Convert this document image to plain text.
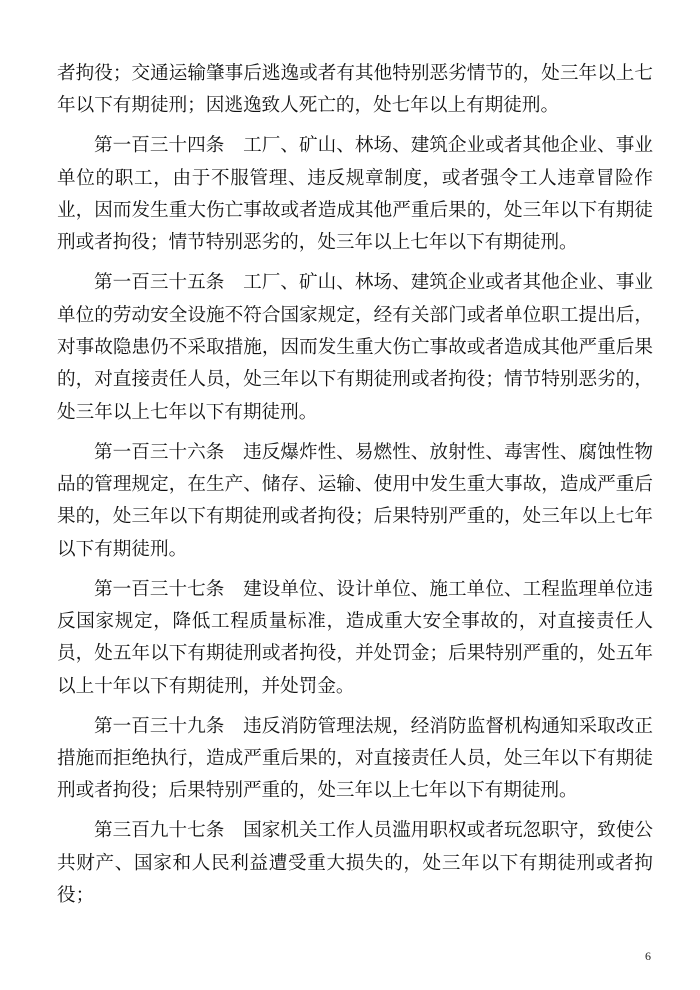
者拘役；交通运输肇事后逃逸或者有其他特别恶劣情节的，处三年以上七年以下有期徒刑；因逃逸致人死亡的，处七年以上有期徒刑。

第一百三十四条　工厂、矿山、林场、建筑企业或者其他企业、事业单位的职工，由于不服管理、违反规章制度，或者强令工人违章冒险作业，因而发生重大伤亡事故或者造成其他严重后果的，处三年以下有期徒刑或者拘役；情节特别恶劣的，处三年以上七年以下有期徒刑。

第一百三十五条　工厂、矿山、林场、建筑企业或者其他企业、事业单位的劳动安全设施不符合国家规定，经有关部门或者单位职工提出后，对事故隐患仍不采取措施，因而发生重大伤亡事故或者造成其他严重后果的，对直接责任人员，处三年以下有期徒刑或者拘役；情节特别恶劣的，处三年以上七年以下有期徒刑。

第一百三十六条　违反爆炸性、易燃性、放射性、毒害性、腐蚀性物品的管理规定，在生产、储存、运输、使用中发生重大事故，造成严重后果的，处三年以下有期徒刑或者拘役；后果特别严重的，处三年以上七年以下有期徒刑。

第一百三十七条　建设单位、设计单位、施工单位、工程监理单位违反国家规定，降低工程质量标准，造成重大安全事故的，对直接责任人员，处五年以下有期徒刑或者拘役，并处罚金；后果特别严重的，处五年以上十年以下有期徒刑，并处罚金。

第一百三十九条　违反消防管理法规，经消防监督机构通知采取改正措施而拒绝执行，造成严重后果的，对直接责任人员，处三年以下有期徒刑或者拘役；后果特别严重的，处三年以上七年以下有期徒刑。

第三百九十七条　国家机关工作人员滥用职权或者玩忽职守，致使公共财产、国家和人民利益遭受重大损失的，处三年以下有期徒刑或者拘役；

6
